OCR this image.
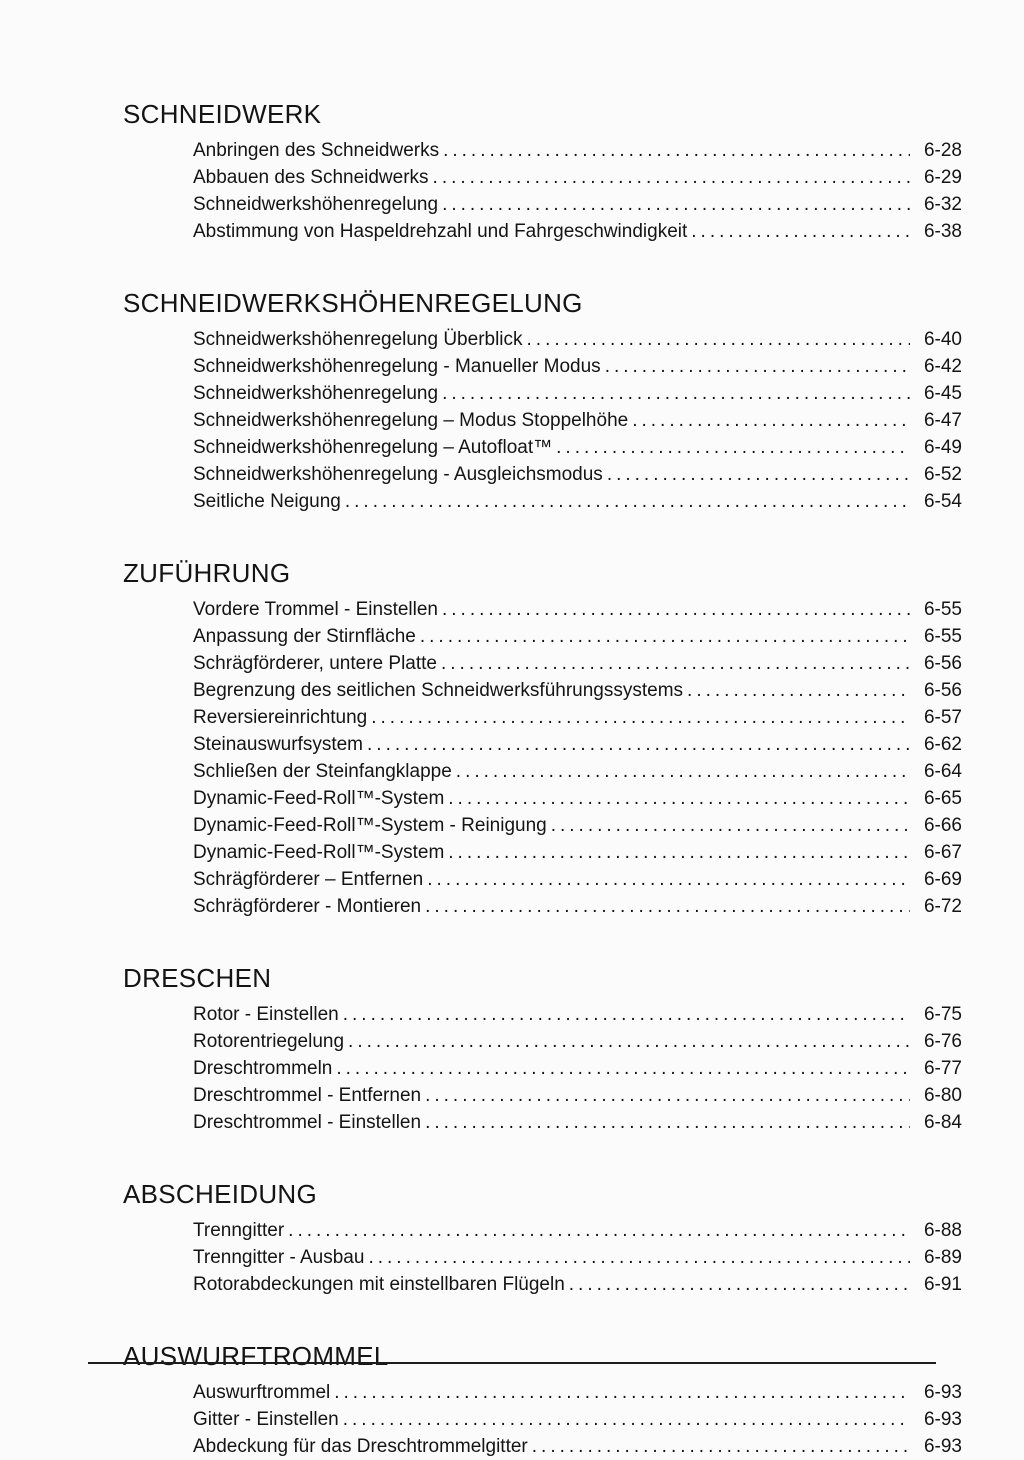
SCHNEIDWERK
Anbringen des Schneidwerks .....	6-28
Abbauen des Schneidwerks .....	6-29
Schneidwerkshöhenregelung .....	6-32
Abstimmung von Haspeldrehzahl und Fahrgeschwindigkeit .....	6-38
SCHNEIDWERKSHÖHENREGELUNG
Schneidwerkshöhenregelung Überblick .....	6-40
Schneidwerkshöhenregelung - Manueller Modus .....	6-42
Schneidwerkshöhenregelung .....	6-45
Schneidwerkshöhenregelung – Modus Stoppelhöhe .....	6-47
Schneidwerkshöhenregelung – Autofloat™ .....	6-49
Schneidwerkshöhenregelung - Ausgleichsmodus .....	6-52
Seitliche Neigung .....	6-54
ZUFÜHRUNG
Vordere Trommel - Einstellen .....	6-55
Anpassung der Stirnfläche .....	6-55
Schrägförderer, untere Platte .....	6-56
Begrenzung des seitlichen Schneidwerksführungssystems .....	6-56
Reversiereinrichtung .....	6-57
Steinauswurfsystem .....	6-62
Schließen der Steinfangklappe .....	6-64
Dynamic-Feed-Roll™-System .....	6-65
Dynamic-Feed-Roll™-System - Reinigung .....	6-66
Dynamic-Feed-Roll™-System .....	6-67
Schrägförderer – Entfernen .....	6-69
Schrägförderer - Montieren .....	6-72
DRESCHEN
Rotor - Einstellen .....	6-75
Rotorentriegelung .....	6-76
Dreschtrommeln .....	6-77
Dreschtrommel - Entfernen .....	6-80
Dreschtrommel - Einstellen .....	6-84
ABSCHEIDUNG
Trenngitter .....	6-88
Trenngitter - Ausbau .....	6-89
Rotorabdeckungen mit einstellbaren Flügeln .....	6-91
AUSWURFTROMMEL
Auswurftrommel .....	6-93
Gitter - Einstellen .....	6-93
Abdeckung für das Dreschtrommelgitter .....	6-93
